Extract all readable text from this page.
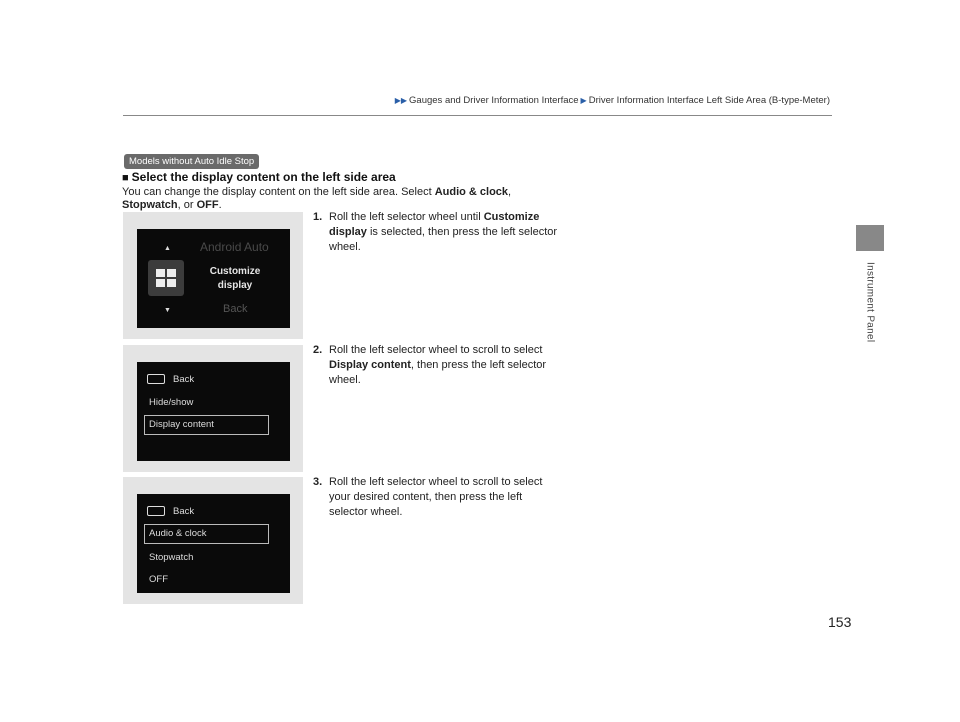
▶▶ Gauges and Driver Information Interface ▶ Driver Information Interface Left Side Area (B-type-Meter)
Instrument Panel
Models without Auto Idle Stop
■ Select the display content on the left side area
You can change the display content on the left side area. Select Audio & clock, Stopwatch, or OFF.
▲
▼
Android Auto
Customize
display
Back
1. Roll the left selector wheel until Customize display is selected, then press the left selector wheel.
Back
Hide/show
Display content
2. Roll the left selector wheel to scroll to select Display content, then press the left selector wheel.
Back
Audio & clock
Stopwatch
OFF
3. Roll the left selector wheel to scroll to select your desired content, then press the left selector wheel.
153
